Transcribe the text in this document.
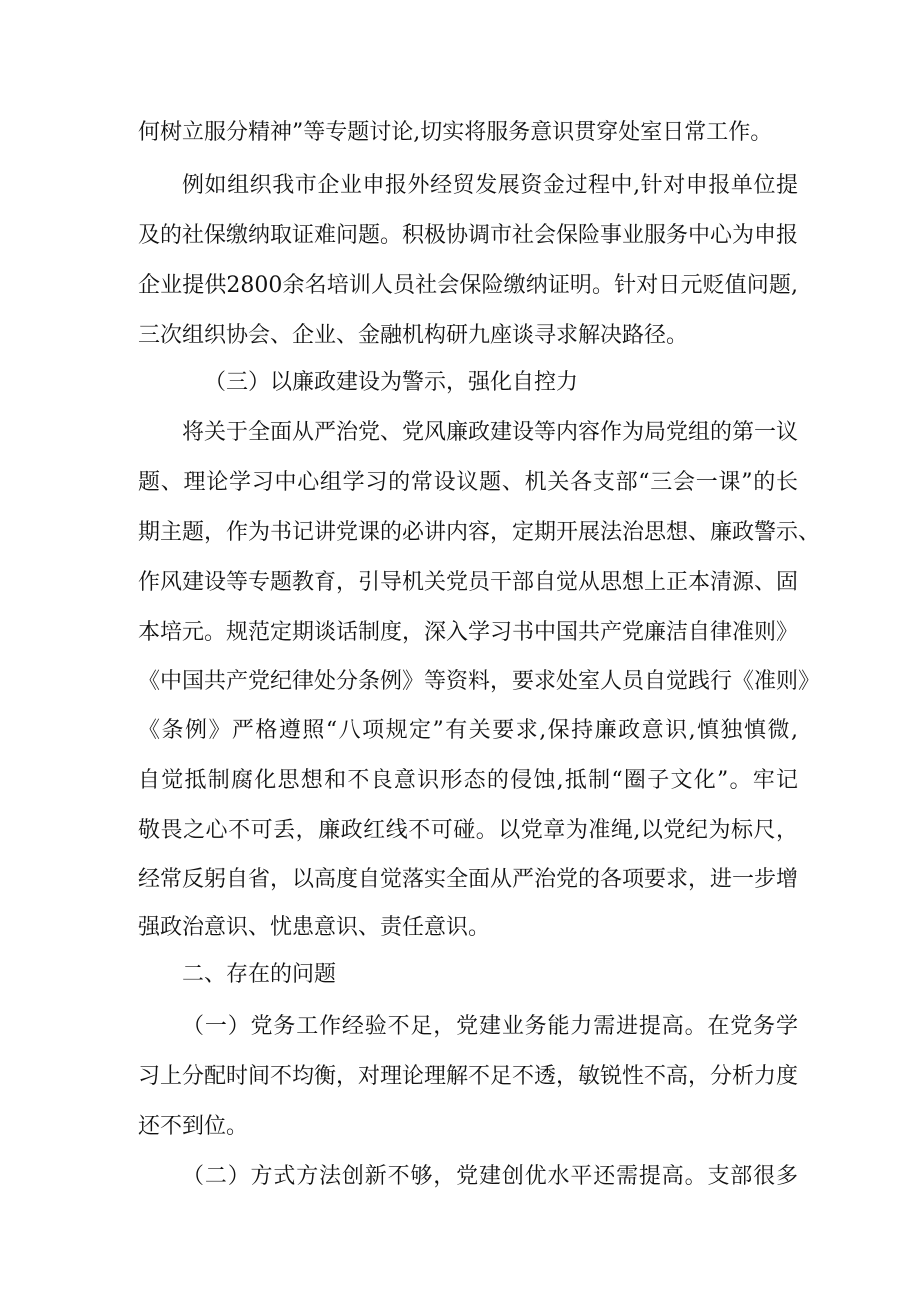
何树立服分精神”等专题讨论,切实将服务意识贯穿处室日常工作。
例如组织我市企业申报外经贸发展资金过程中,针对申报单位提
及的社保缴纳取证难问题。积极协调市社会保险事业服务中心为申报
企业提供2800余名培训人员社会保险缴纳证明。针对日元贬值问题,
三次组织协会、企业、金融机构研九座谈寻求解决路径。
（三）以廉政建设为警示，强化自控力
将关于全面从严治党、党风廉政建设等内容作为局党组的第一议
题、理论学习中心组学习的常设议题、机关各支部“三会一课”的长
期主题，作为书记讲党课的必讲内容，定期开展法治思想、廉政警示、
作风建设等专题教育，引导机关党员干部自觉从思想上正本清源、固
本培元。规范定期谈话制度，深入学习书中国共产党廉洁自律准则》
《中国共产党纪律处分条例》等资料，要求处室人员自觉践行《准则》
《条例》严格遵照“八项规定”有关要求,保持廉政意识,慎独慎微,
自觉抵制腐化思想和不良意识形态的侵蚀,抵制“圈子文化”。牢记
敬畏之心不可丢，廉政红线不可碰。以党章为准绳,以党纪为标尺，
经常反躬自省，以高度自觉落实全面从严治党的各项要求，进一步增
强政治意识、忧患意识、责任意识。
二、存在的问题
（一）党务工作经验不足，党建业务能力需进提高。在党务学
习上分配时间不均衡，对理论理解不足不透，敏锐性不高，分析力度
还不到位。
（二）方式方法创新不够，党建创优水平还需提高。支部很多
